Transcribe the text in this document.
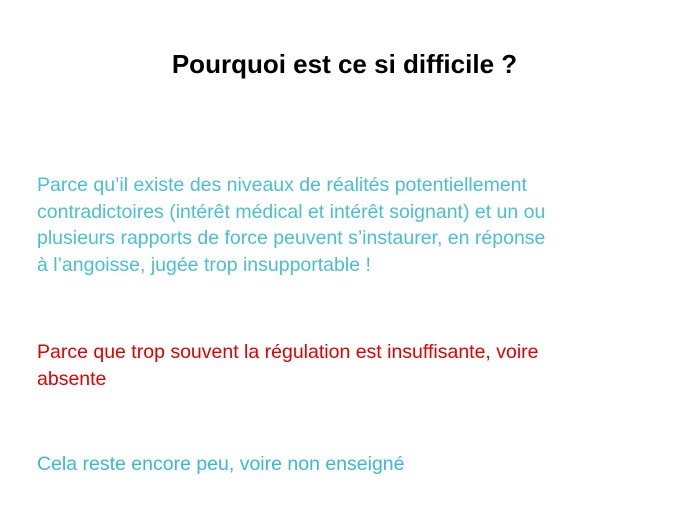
Pourquoi est ce si difficile ?

Parce qu’il existe des niveaux de réalités potentiellement
contradictoires (intérêt médical et intérêt soignant) et un ou
plusieurs rapports de force peuvent s’instaurer, en réponse
à l’angoisse, jugée trop insupportable !

Parce que trop souvent la régulation est insuffisante, voire
absente

Cela reste encore peu, voire non enseigné
